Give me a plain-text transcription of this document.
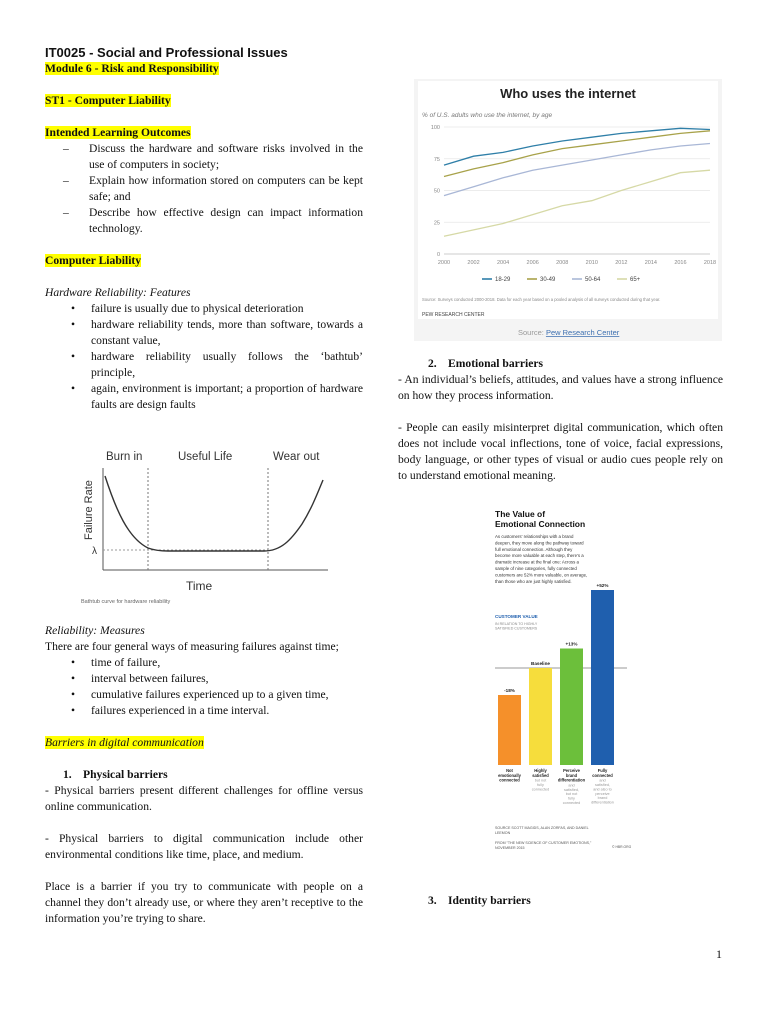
IT0025 - Social and Professional Issues
Module 6 - Risk and Responsibility
ST1 - Computer Liability
Intended Learning Outcomes
– Discuss the hardware and software risks involved in the use of computers in society;
– Explain how information stored on computers can be kept safe; and
– Describe how effective design can impact information technology.
Computer Liability
Hardware Reliability: Features
• failure is usually due to physical deterioration
• hardware reliability tends, more than software, towards a constant value,
• hardware reliability usually follows the ‘bathtub’ principle,
• again, environment is important; a proportion of hardware faults are design faults
Burn in	Useful Life	Wear out
Failure Rate
λ
Time
Bathtub curve for hardware reliability
Reliability: Measures
There are four general ways of measuring failures against time;
• time of failure,
• interval between failures,
• cumulative failures experienced up to a given time,
• failures experienced in a time interval.
Barriers in digital communication
1. Physical barriers

- Physical barriers present different challenges for offline versus online communication.

- Physical barriers to digital communication include other environmental conditions like time, place, and medium.

Place is a barrier if you try to communicate with people on a channel they don’t already use, or where they aren’t receptive to the information you’re trying to share.

Who uses the internet
% of U.S. adults who use the internet, by age
0
25
50
75
100
2000	2002	2004	2006	2008	2010	2012	2014	2016	2018
18-29	30-49	50-64	65+
Source: Surveys conducted 2000-2018. Data for each year based on a pooled analysis of all surveys conducted during that year.
PEW RESEARCH CENTER
Source: Pew Research Center
2. Emotional barriers

- An individual’s beliefs, attitudes, and values have a strong influence on how they process information.

- People can easily misinterpret digital communication, which often does not include vocal inflections, tone of voice, facial expressions, body language, or other types of visual or audio cues people rely on to understand emotional meaning.

The Value of Emotional Connection
As customers' relationships with a brand deepen, they move along the pathway toward full emotional connection. Although they become more valuable at each step, there's a dramatic increase at the final one: Across a sample of nine categories, fully connected customers are 52% more valuable, on average, than those who are just highly satisfied.
CUSTOMER VALUE
IN RELATION TO HIGHLY SATISFIED CUSTOMERS
-18%
Not emotionally connected
Baseline
Highly satisfied
but not fully connected
+13%
Perceive brand differentiation
and satisfied, but not fully connected
+52%
Fully connected
and satisfied, and also to perceive brand differentiation
SOURCE SCOTT MAGIDS, ALAN ZORFAS, AND DANIEL LEEMON
FROM "THE NEW SCIENCE OF CUSTOMER EMOTIONS," NOVEMBER 2015	© HBR.ORG
3. Identity barriers
1
